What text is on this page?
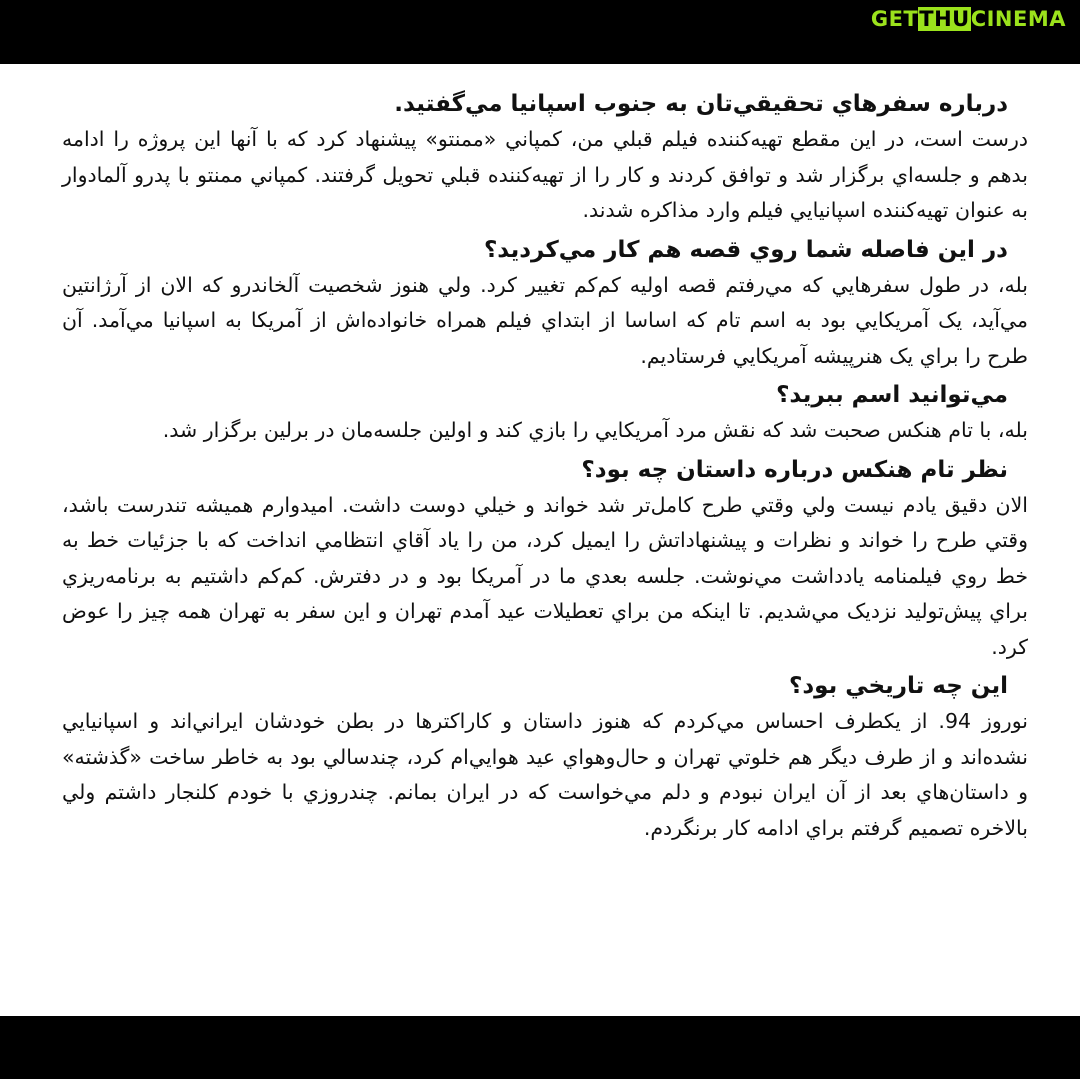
GETTHUCINEMA

درباره سفرهاي تحقيقي‌تان به جنوب اسپانيا مي‌گفتيد.

درست است، در اين مقطع تهيه‌کننده فيلم قبلي من، کمپاني «ممنتو» پيشنهاد کرد که با آنها اين پروژه را ادامه بدهم و جلسه‌اي برگزار شد و توافق کردند و کار را از تهيه‌کننده قبلي تحويل گرفتند. کمپاني ممنتو با پدرو آلمادوار به عنوان تهيه‌کننده اسپانيايي فيلم وارد مذاکره شدند.

در اين فاصله شما روي قصه هم کار مي‌کرديد؟

بله، در طول سفرهايي که مي‌رفتم قصه اوليه کم‌کم تغيير کرد. ولي هنوز شخصيت آلخاندرو که الان از آرژانتين مي‌آيد، يک آمريکايي بود به اسم تام که اساسا از ابتداي فيلم همراه خانواده‌اش از آمريکا به اسپانيا مي‌آمد. آن طرح را براي يک هنرپيشه آمريکايي فرستاديم.

مي‌توانيد اسم ببريد؟

بله، با تام هنکس صحبت شد که نقش مرد آمريکايي را بازي کند و اولين جلسه‌مان در برلين برگزار شد.

نظر تام هنکس درباره داستان چه بود؟

الان دقيق يادم نيست ولي وقتي طرح کامل‌تر شد خواند و خيلي دوست داشت. اميدوارم هميشه تندرست باشد، وقتي طرح را خواند و نظرات و پيشنهاداتش را ايميل کرد، من را ياد آقاي انتظامي انداخت که با جزئيات خط به خط روي فيلمنامه يادداشت مي‌نوشت. جلسه بعدي ما در آمريکا بود و در دفترش. کم‌کم داشتيم به برنامه‌ريزي براي پيش‌توليد نزديک مي‌شديم. تا اينکه من براي تعطيلات عيد آمدم تهران و اين سفر به تهران همه چيز را عوض کرد.

اين چه تاريخي بود؟

نوروز 94. از يکطرف احساس مي‌کردم که هنوز داستان و کاراکترها در بطن خودشان ايراني‌اند و اسپانيايي نشده‌اند و از طرف ديگر هم خلوتي تهران و حال‌وهواي عيد هوايي‌ام کرد، چندسالي بود به خاطر ساخت «گذشته» و داستان‌هاي بعد از آن ايران نبودم و دلم مي‌خواست که در ايران بمانم. چندروزي با خودم کلنجار داشتم ولي بالاخره تصميم گرفتم براي ادامه کار برنگردم.
